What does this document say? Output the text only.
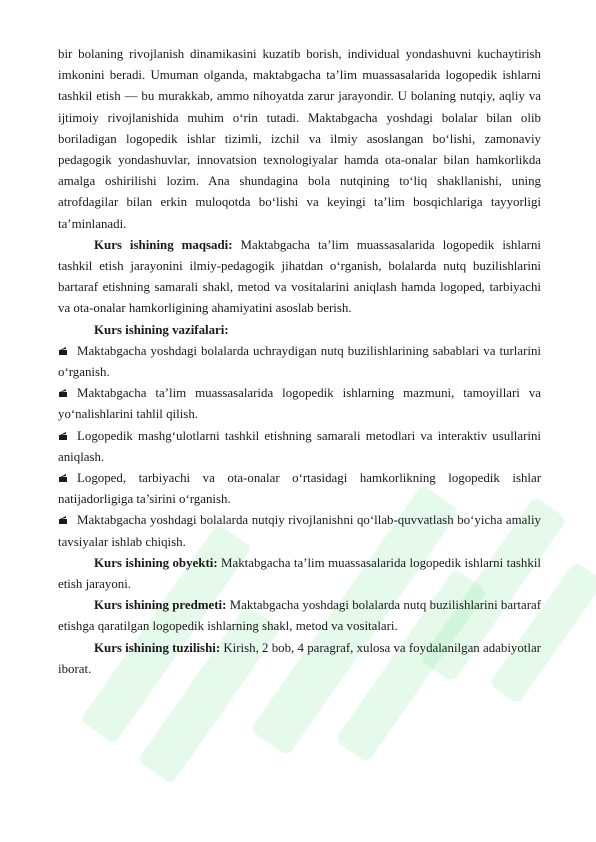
bir bolaning rivojlanish dinamikasini kuzatib borish, individual yondashuvni kuchaytirish imkonini beradi. Umuman olganda, maktabgacha ta’lim muassasalarida logopedik ishlarni tashkil etish — bu murakkab, ammo nihoyatda zarur jarayondir. U bolaning nutqiy, aqliy va ijtimoiy rivojlanishida muhim o‘rin tutadi. Maktabgacha yoshdagi bolalar bilan olib boriladigan logopedik ishlar tizimli, izchil va ilmiy asoslangan bo‘lishi, zamonaviy pedagogik yondashuvlar, innovatsion texnologiyalar hamda ota-onalar bilan hamkorlikda amalga oshirilishi lozim. Ana shundagina bola nutqining to‘liq shakllanishi, uning atrofdagilar bilan erkin muloqotda bo‘lishi va keyingi ta’lim bosqichlariga tayyorligi ta’minlanadi.

Kurs ishining maqsadi: Maktabgacha ta’lim muassasalarida logopedik ishlarni tashkil etish jarayonini ilmiy-pedagogik jihatdan o‘rganish, bolalarda nutq buzilishlarini bartaraf etishning samarali shakl, metod va vositalarini aniqlash hamda logoped, tarbiyachi va ota-onalar hamkorligining ahamiyatini asoslab berish.

Kurs ishining vazifalari:

Maktabgacha yoshdagi bolalarda uchraydigan nutq buzilishlarining sabablari va turlarini o‘rganish.

Maktabgacha ta’lim muassasalarida logopedik ishlarning mazmuni, tamoyillari va yo‘nalishlarini tahlil qilish.

Logopedik mashg‘ulotlarni tashkil etishning samarali metodlari va interaktiv usullarini aniqlash.

Logoped, tarbiyachi va ota-onalar o‘rtasidagi hamkorlikning logopedik ishlar natijadorligiga ta’sirini o‘rganish.

Maktabgacha yoshdagi bolalarda nutqiy rivojlanishni qo‘llab-quvvatlash bo‘yicha amaliy tavsiyalar ishlab chiqish.

Kurs ishining obyekti: Maktabgacha ta’lim muassasalarida logopedik ishlarni tashkil etish jarayoni.

Kurs ishining predmeti: Maktabgacha yoshdagi bolalarda nutq buzilishlarini bartaraf etishga qaratilgan logopedik ishlarning shakl, metod va vositalari.

Kurs ishining tuzilishi: Kirish, 2 bob, 4 paragraf, xulosa va foydalanilgan adabiyotlar iborat.
